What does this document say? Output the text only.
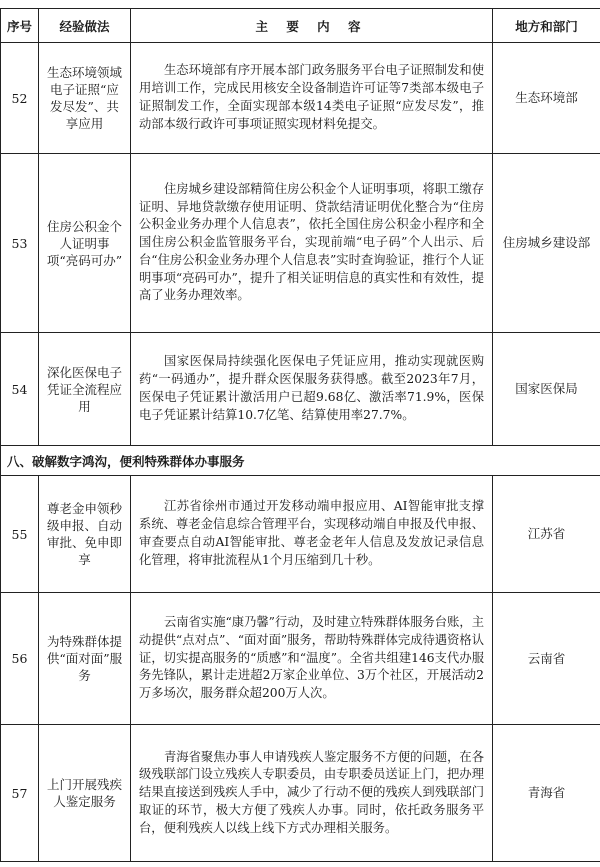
序号	经验做法	主 要 内 容	地方和部门
52	生态环境领域电子证照“应发尽发”、共享应用	生态环境部有序开展本部门政务服务平台电子证照制发和使用培训工作，完成民用核安全设备制造许可证等7类部本级电子证照制发工作，全面实现部本级14类电子证照“应发尽发”，推动部本级行政许可事项证照实现材料免提交。	生态环境部
53	住房公积金个人证明事项“亮码可办”	住房城乡建设部精简住房公积金个人证明事项，将职工缴存证明、异地贷款缴存使用证明、贷款结清证明优化整合为“住房公积金业务办理个人信息表”，依托全国住房公积金小程序和全国住房公积金监管服务平台，实现前端“电子码”个人出示、后台“住房公积金业务办理个人信息表”实时查询验证，推行个人证明事项“亮码可办”，提升了相关证明信息的真实性和有效性，提高了业务办理效率。	住房城乡建设部
54	深化医保电子凭证全流程应用	国家医保局持续强化医保电子凭证应用，推动实现就医购药“一码通办”，提升群众医保服务获得感。截至2023年7月，医保电子凭证累计激活用户已超9.68亿、激活率71.9%，医保电子凭证累计结算10.7亿笔、结算使用率27.7%。	国家医保局
八、破解数字鸿沟，便利特殊群体办事服务			
55	尊老金申领秒级申报、自动审批、免申即享	江苏省徐州市通过开发移动端申报应用、AI智能审批支撑系统、尊老金信息综合管理平台，实现移动端自申报及代申报、审查要点自动AI智能审批、尊老金老年人信息及发放记录信息化管理，将审批流程从1个月压缩到几十秒。	江苏省
56	为特殊群体提供“面对面”服务	云南省实施“康乃馨”行动，及时建立特殊群体服务台账，主动提供“点对点”、“面对面”服务，帮助特殊群体完成待遇资格认证，切实提高服务的“质感”和“温度”。全省共组建146支代办服务先锋队，累计走进超2万家企业单位、3万个社区，开展活动2万多场次，服务群众超200万人次。	云南省
57	上门开展残疾人鉴定服务	青海省聚焦办事人申请残疾人鉴定服务不方便的问题，在各级残联部门设立残疾人专职委员，由专职委员送证上门，把办理结果直接送到残疾人手中，减少了行动不便的残疾人到残联部门取证的环节，极大方便了残疾人办事。同时，依托政务服务平台，便利残疾人以线上线下方式办理相关服务。	青海省
